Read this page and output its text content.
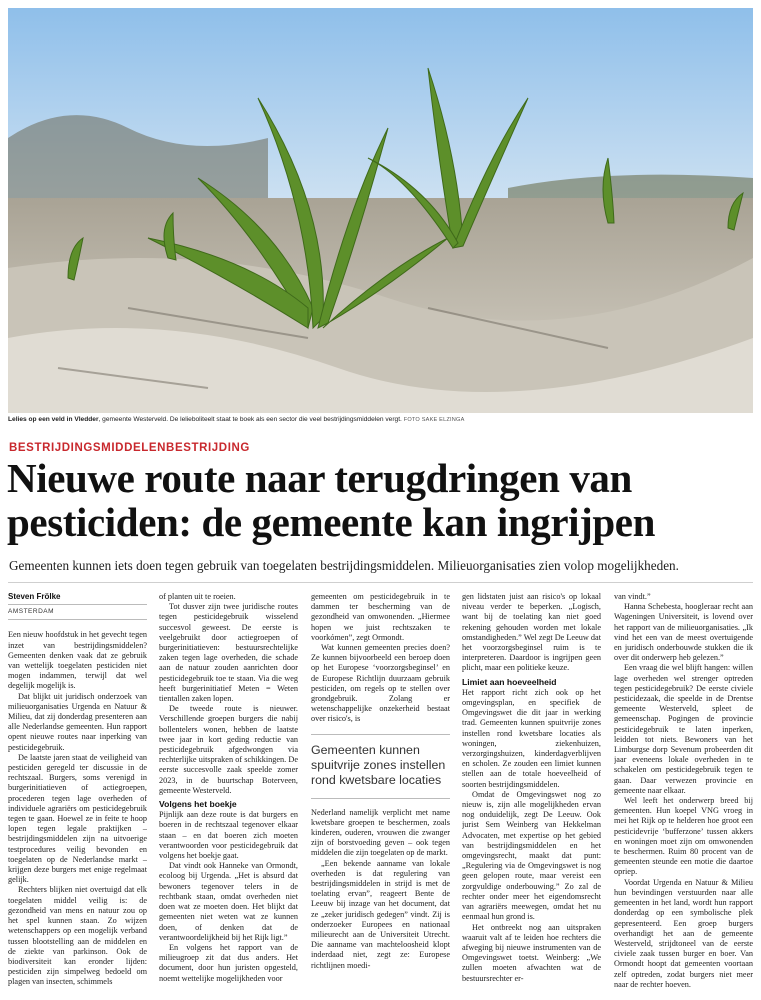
Lelies op een veld in Vledder, gemeente Westerveld. De lelieboliteelt staat te boek als een sector die veel bestrijdingsmiddelen vergt. FOTO SAKE ELZINGA
BESTRIJDINGSMIDDELENBESTRIJDING
Nieuwe route naar terugdringen van pesticiden: de gemeente kan ingrijpen
Gemeenten kunnen iets doen tegen gebruik van toegelaten bestrijdingsmiddelen. Milieuorganisaties zien volop mogelijkheden.
Steven Frölke
AMSTERDAM

Een nieuw hoofdstuk in het gevecht tegen inzet van bestrijdingsmiddelen? Gemeenten denken vaak dat ze gebruik van wettelijk toegelaten pesticiden niet mogen indammen, terwijl dat wel degelijk mogelijk is.

Dat blijkt uit juridisch onderzoek van milieuorganisaties Urgenda en Natuur & Milieu, dat zij donderdag presenteren aan alle Nederlandse gemeenten. Hun rapport opent nieuwe routes naar inperking van pesticidegebruik.

De laatste jaren staat de veiligheid van pesticiden geregeld ter discussie in de rechtszaal. Burgers, soms verenigd in burgerinitiatieven of actiegroepen, procederen tegen lage overheden of individuele agrariërs om pesticidegebruik tegen te gaan. Hoewel ze in feite te hoop lopen tegen legale praktijken – bestrijdingsmiddelen zijn na uitvoerige testprocedures veilig bevonden en toegelaten op de Nederlandse markt – krijgen deze burgers met enige regelmaat gelijk.

Rechters blijken niet overtuigd dat elk toegelaten middel veilig is: de gezondheid van mens en natuur zou op het spel kunnen staan. Zo wijzen wetenschappers op een mogelijk verband tussen blootstelling aan de middelen en de ziekte van parkinson. Ook de biodiversiteit kan eronder lijden: pesticiden zijn simpelweg bedoeld om plagen van insecten, schimmels

of planten uit te roeien.

Tot dusver zijn twee juridische routes tegen pesticidegebruik wisselend succesvol geweest. De eerste is veelgebruikt door actiegroepen of burgerinitiatieven: bestuursrechtelijke zaken tegen lage overheden, die schade aan de natuur zouden aanrichten door pesticidegebruik toe te staan. Via die weg heeft burgerinitiatief Meten = Weten tientallen zaken lopen.

De tweede route is nieuwer. Verschillende groepen burgers die nabij bollentelers wonen, hebben de laatste twee jaar in kort geding reductie van pesticidegebruik afgedwongen via rechterlijke uitspraken of schikkingen. De eerste succesvolle zaak speelde zomer 2023, in de buurtschap Boterveen, gemeente Westerveld.

Volgens het boekje

Pijnlijk aan deze route is dat burgers en boeren in de rechtszaal tegenover elkaar staan – en dat boeren zich moeten verantwoorden voor pesticidegebruik dat volgens het boekje gaat.

Dat vindt ook Hanneke van Ormondt, ecoloog bij Urgenda. „Het is absurd dat bewoners tegenover telers in de rechtbank staan, omdat overheden niet doen wat ze moeten doen. Het blijkt dat gemeenten niet weten wat ze kunnen doen, of denken dat de verantwoordelijkheid bij het Rijk ligt.”

En volgens het rapport van de milieugroep zit dat dus anders. Het document, door hun juristen opgesteld, noemt wettelijke mogelijkheden voor

gemeenten om pesticidegebruik in te dammen ter bescherming van de gezondheid van omwonenden. „Hiermee hopen we juist rechtszaken te voorkómen”, zegt Ormondt.

Wat kunnen gemeenten precies doen? Ze kunnen bijvoorbeeld een beroep doen op het Europese ‘voorzorgsbeginsel’ en de Europese Richtlijn duurzaam gebruik pesticiden, om regels op te stellen over grondgebruik. Zolang er wetenschappelijke onzekerheid bestaat over risico's, is

Gemeenten kunnen spuitvrije zones instellen rond kwetsbare locaties

Nederland namelijk verplicht met name kwetsbare groepen te beschermen, zoals kinderen, ouderen, vrouwen die zwanger zijn of borstvoeding geven – ook tegen middelen die zijn toegelaten op de markt.

„Een bekende aanname van lokale overheden is dat regulering van bestrijdingsmiddelen in strijd is met de toelating ervan”, reageert Bente de Leeuw bij inzage van het document, dat ze „zeker juridisch gedegen” vindt. Zij is onderzoeker Europees en nationaal milieurecht aan de Universiteit Utrecht. Die aanname van machteloosheid klopt inderdaad niet, zegt ze: Europese richtlijnen moedi-

gen lidstaten juist aan risico's op lokaal niveau verder te beperken. „Logisch, want bij de toelating kan niet goed rekening gehouden worden met lokale omstandigheden.” Wel zegt De Leeuw dat het voorzorgsbeginsel ruim is te interpreteren. Daardoor is ingrijpen geen plicht, maar een politieke keuze.

Limiet aan hoeveelheid

Het rapport richt zich ook op het omgevingsplan, en specifiek de Omgevingswet die dit jaar in werking trad. Gemeenten kunnen spuitvrije zones instellen rond kwetsbare locaties als woningen, ziekenhuizen, verzorgingshuizen, kinderdagverblijven en scholen. Ze zouden een limiet kunnen stellen aan de totale hoeveelheid of soorten bestrijdingsmiddelen.

Omdat de Omgevingswet nog zo nieuw is, zijn alle mogelijkheden ervan nog onduidelijk, zegt De Leeuw. Ook jurist Sem Weinberg van Hekkelman Advocaten, met expertise op het gebied van bestrijdingsmiddelen en het omgevingsrecht, maakt dat punt: „Regulering via de Omgevingswet is nog geen gelopen route, maar vereist een zorgvuldige onderbouwing.” Zo zal de rechter onder meer het eigendomsrecht van agrariërs meewegen, omdat het nu eenmaal hun grond is.

Het ontbreekt nog aan uitspraken waaruit valt af te leiden hoe rechters die afweging bij nieuwe instrumenten van de Omgevingswet toetst. Weinberg: „We zullen moeten afwachten wat de bestuursrechter er-

van vindt.”

Hanna Schebesta, hoogleraar recht aan Wageningen Universiteit, is lovend over het rapport van de milieuorganisaties. „Ik vind het een van de meest overtuigende en juridisch onderbouwde stukken die ik over dit onderwerp heb gelezen.”

Een vraag die wel blijft hangen: willen lage overheden wel strenger optreden tegen pesticidegebruik? De eerste civiele pesticidezaak, die speelde in de Drentse gemeente Westerveld, spleet de gemeenschap. Pogingen de provincie pesticidegebruik te laten inperken, leidden tot niets. Bewoners van het Limburgse dorp Sevenum probeerden dit jaar eveneens lokale overheden in te schakelen om pesticidegebruik tegen te gaan. Daar verwezen provincie en gemeente naar elkaar.

Wel leeft het onderwerp breed bij gemeenten. Hun koepel VNG vroeg in mei het Rijk op te helderen hoe groot een pesticidevrije ‘bufferzone’ tussen akkers en woningen moet zijn om omwonenden te beschermen. Ruim 80 procent van de gemeenten steunde een motie die daartoe opriep.

Voordat Urgenda en Natuur & Milieu hun bevindingen verstuurden naar alle gemeenten in het land, wordt hun rapport donderdag op een symbolische plek gepresenteerd. Een groep burgers overhandigt het aan de gemeente Westerveld, strijdtoneel van de eerste civiele zaak tussen burger en boer. Van Ormondt hoopt dat gemeenten voortaan zelf optreden, zodat burgers niet meer naar de rechter hoeven.
